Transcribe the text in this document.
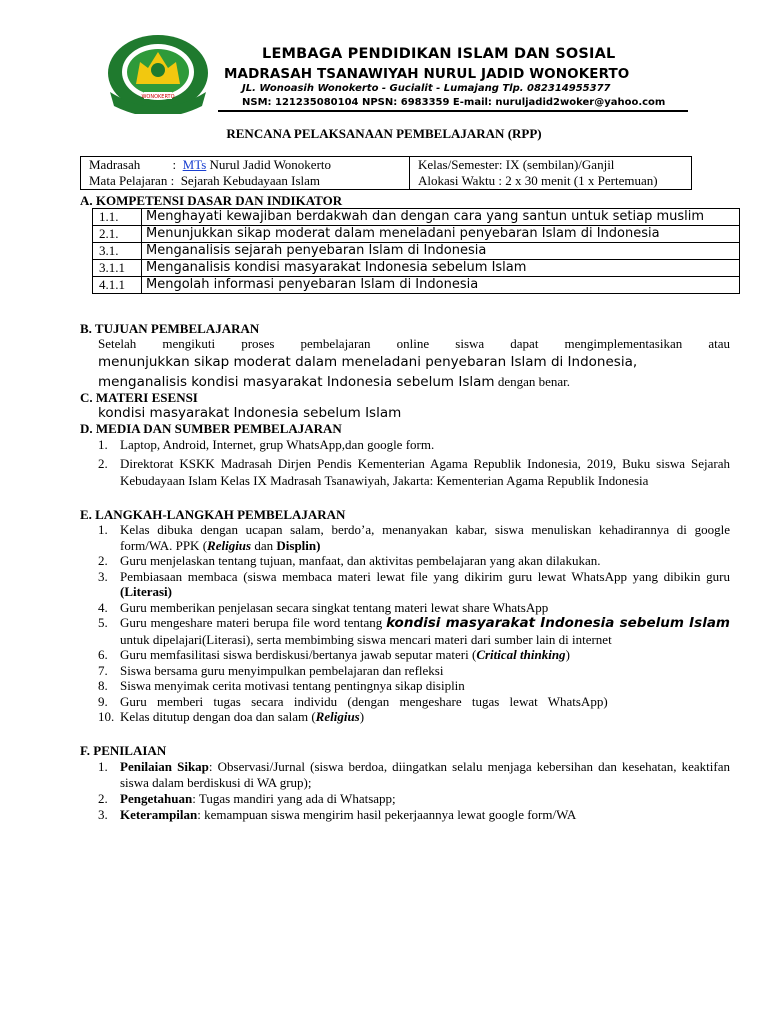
WONOKERTO
LEMBAGA PENDIDIKAN ISLAM DAN SOSIAL
MADRASAH TSANAWIYAH NURUL JADID WONOKERTO
JL. Wonoasih Wonokerto - Gucialit - Lumajang Tlp. 082314955377
NSM: 121235080104 NPSN: 6983359 E-mail: nuruljadid2woker@yahoo.com
RENCANA PELAKSANAAN PEMBELAJARAN (RPP)
Madrasah :  MTs Nurul Jadid Wonokerto	Kelas/Semester: IX (sembilan)/Ganjil
Mata Pelajaran :  Sejarah Kebudayaan Islam	Alokasi Waktu : 2 x 30 menit (1 x Pertemuan)
A. KOMPETENSI DASAR DAN INDIKATOR
1.1.	Menghayati kewajiban berdakwah dan dengan cara yang santun untuk setiap muslim
2.1.	Menunjukkan sikap moderat dalam meneladani penyebaran Islam di Indonesia
3.1.	Menganalisis sejarah penyebaran Islam di Indonesia
3.1.1	Menganalisis kondisi masyarakat Indonesia sebelum Islam
4.1.1	Mengolah informasi penyebaran Islam di Indonesia
B. TUJUAN PEMBELAJARAN
Setelah mengikuti proses pembelajaran online siswa dapat mengimplementasikan atau
menunjukkan sikap moderat dalam meneladani penyebaran Islam di Indonesia,
menganalisis kondisi masyarakat Indonesia sebelum Islam dengan benar.
C. MATERI ESENSI
kondisi masyarakat Indonesia sebelum Islam
D. MEDIA DAN SUMBER PEMBELAJARAN
1. Laptop, Android, Internet, grup WhatsApp,dan google form.
2. Direktorat KSKK Madrasah Dirjen Pendis Kementerian Agama Republik Indonesia, 2019, Buku siswa Sejarah Kebudayaan Islam Kelas IX Madrasah Tsanawiyah, Jakarta: Kementerian Agama Republik Indonesia
E. LANGKAH-LANGKAH PEMBELAJARAN
1. Kelas dibuka dengan ucapan salam, berdo’a, menanyakan kabar, siswa menuliskan kehadirannya di google form/WA. PPK (Religius dan Displin)
2. Guru menjelaskan tentang tujuan, manfaat, dan aktivitas pembelajaran yang akan dilakukan.
3. Pembiasaan membaca (siswa membaca materi lewat file yang dikirim guru lewat WhatsApp yang dibikin guru (Literasi)
4. Guru memberikan penjelasan secara singkat tentang materi lewat share WhatsApp
5. Guru mengeshare materi berupa file word tentang kondisi masyarakat Indonesia sebelum Islam untuk dipelajari(Literasi), serta membimbing siswa mencari materi dari sumber lain di internet
6. Guru memfasilitasi siswa berdiskusi/bertanya jawab seputar materi (Critical thinking)
7. Siswa bersama guru menyimpulkan pembelajaran dan refleksi
8. Siswa menyimak cerita motivasi tentang pentingnya sikap disiplin
9. Guru memberi tugas secara individu (dengan mengeshare tugas lewat WhatsApp)
10. Kelas ditutup dengan doa dan salam (Religius)
F. PENILAIAN
1. Penilaian Sikap: Observasi/Jurnal (siswa berdoa, diingatkan selalu menjaga kebersihan dan kesehatan, keaktifan siswa dalam berdiskusi di WA grup);
2. Pengetahuan: Tugas mandiri yang ada di Whatsapp;
3. Keterampilan: kemampuan siswa mengirim hasil pekerjaannya lewat google form/WA
